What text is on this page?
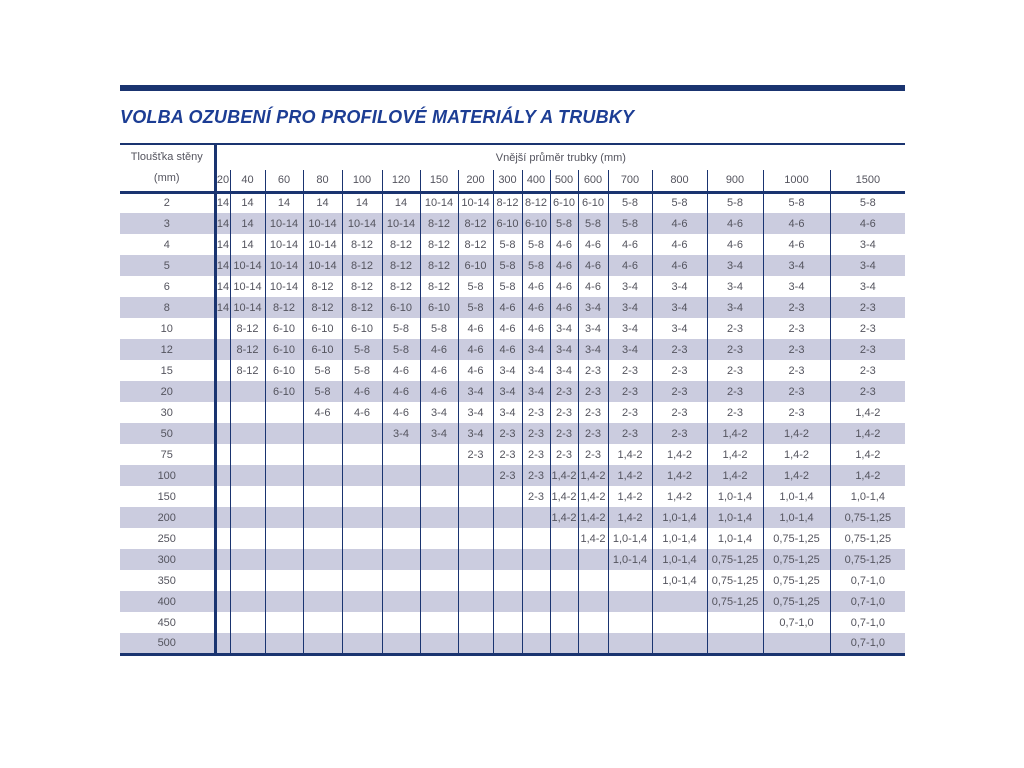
VOLBA OZUBENÍ PRO PROFILOVÉ MATERIÁLY A TRUBKY
Tloušťka stěny
(mm)	Vnější průměr trubky (mm)																
	20	40	60	80	100	120	150	200	300	400	500	600	700	800	900	1000	1500
2	14	14	14	14	14	14	10-14	10-14	8-12	8-12	6-10	6-10	5-8	5-8	5-8	5-8	5-8
3	14	14	10-14	10-14	10-14	10-14	8-12	8-12	6-10	6-10	5-8	5-8	5-8	4-6	4-6	4-6	4-6
4	14	14	10-14	10-14	8-12	8-12	8-12	8-12	5-8	5-8	4-6	4-6	4-6	4-6	4-6	4-6	3-4
5	14	10-14	10-14	10-14	8-12	8-12	8-12	6-10	5-8	5-8	4-6	4-6	4-6	4-6	3-4	3-4	3-4
6	14	10-14	10-14	8-12	8-12	8-12	8-12	5-8	5-8	4-6	4-6	4-6	3-4	3-4	3-4	3-4	3-4
8	14	10-14	8-12	8-12	8-12	6-10	6-10	5-8	4-6	4-6	4-6	3-4	3-4	3-4	3-4	2-3	2-3
10		8-12	6-10	6-10	6-10	5-8	5-8	4-6	4-6	4-6	3-4	3-4	3-4	3-4	2-3	2-3	2-3
12		8-12	6-10	6-10	5-8	5-8	4-6	4-6	4-6	3-4	3-4	3-4	3-4	2-3	2-3	2-3	2-3
15		8-12	6-10	5-8	5-8	4-6	4-6	4-6	3-4	3-4	3-4	2-3	2-3	2-3	2-3	2-3	2-3
20			6-10	5-8	4-6	4-6	4-6	3-4	3-4	3-4	2-3	2-3	2-3	2-3	2-3	2-3	2-3
30				4-6	4-6	4-6	3-4	3-4	3-4	2-3	2-3	2-3	2-3	2-3	2-3	2-3	1,4-2
50						3-4	3-4	3-4	2-3	2-3	2-3	2-3	2-3	2-3	1,4-2	1,4-2	1,4-2
75								2-3	2-3	2-3	2-3	2-3	1,4-2	1,4-2	1,4-2	1,4-2	1,4-2
100									2-3	2-3	1,4-2	1,4-2	1,4-2	1,4-2	1,4-2	1,4-2	1,4-2
150										2-3	1,4-2	1,4-2	1,4-2	1,4-2	1,0-1,4	1,0-1,4	1,0-1,4
200											1,4-2	1,4-2	1,4-2	1,0-1,4	1,0-1,4	1,0-1,4	0,75-1,25
250												1,4-2	1,0-1,4	1,0-1,4	1,0-1,4	0,75-1,25	0,75-1,25
300													1,0-1,4	1,0-1,4	0,75-1,25	0,75-1,25	0,75-1,25
350														1,0-1,4	0,75-1,25	0,75-1,25	0,7-1,0
400															0,75-1,25	0,75-1,25	0,7-1,0
450																0,7-1,0	0,7-1,0
500																	0,7-1,0
